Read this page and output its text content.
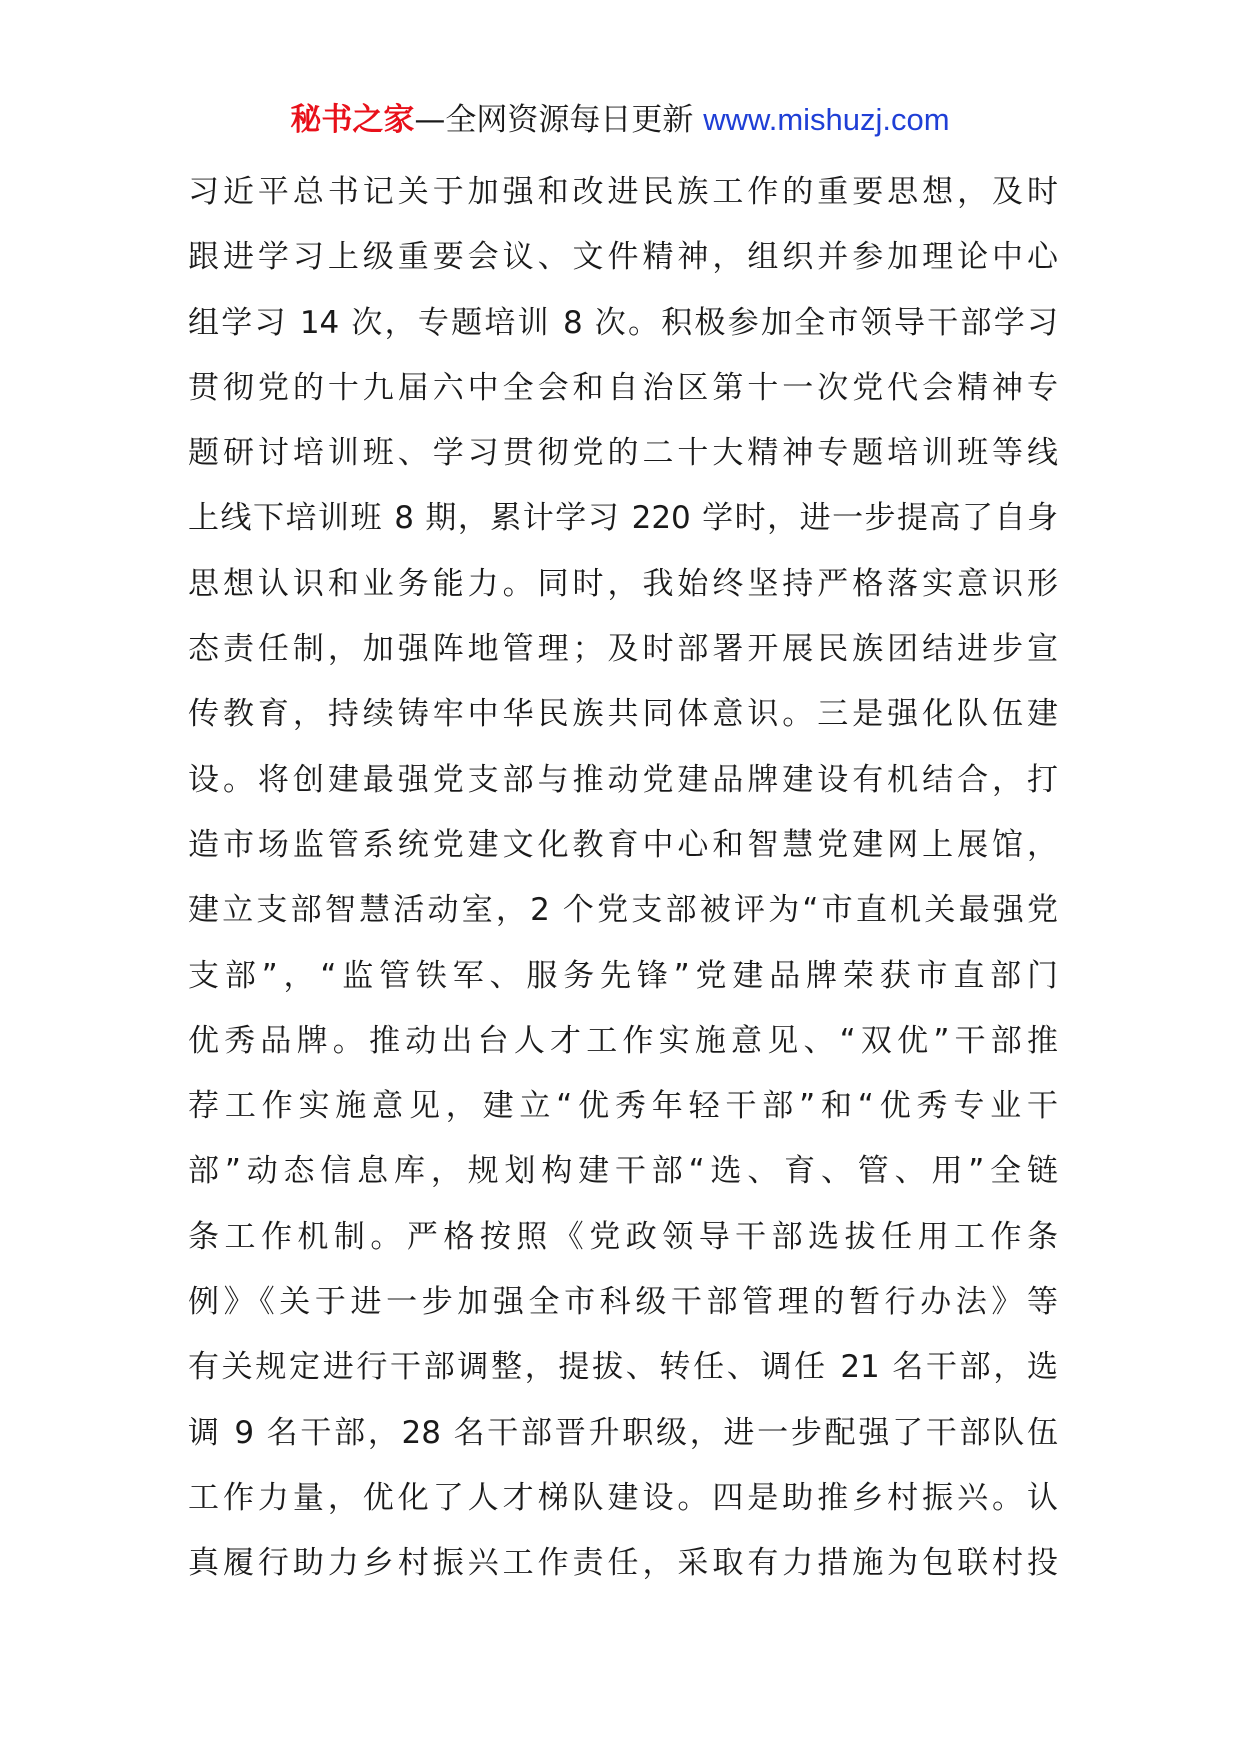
秘书之家—全网资源每日更新 www.mishuzj.com
习近平总书记关于加强和改进民族工作的重要思想，及时
跟进学习上级重要会议、文件精神，组织并参加理论中心
组学习 14 次，专题培训 8 次。积极参加全市领导干部学习
贯彻党的十九届六中全会和自治区第十一次党代会精神专
题研讨培训班、学习贯彻党的二十大精神专题培训班等线
上线下培训班 8 期，累计学习 220 学时，进一步提高了自身
思想认识和业务能力。同时，我始终坚持严格落实意识形
态责任制，加强阵地管理；及时部署开展民族团结进步宣
传教育，持续铸牢中华民族共同体意识。三是强化队伍建
设。将创建最强党支部与推动党建品牌建设有机结合，打
造市场监管系统党建文化教育中心和智慧党建网上展馆，
建立支部智慧活动室，2 个党支部被评为“市直机关最强党
支部”，“监管铁军、服务先锋”党建品牌荣获市直部门
优秀品牌。推动出台人才工作实施意见、“双优”干部推
荐工作实施意见，建立“优秀年轻干部”和“优秀专业干
部”动态信息库，规划构建干部“选、育、管、用”全链
条工作机制。严格按照《党政领导干部选拔任用工作条
例》《关于进一步加强全市科级干部管理的暂行办法》等
有关规定进行干部调整，提拔、转任、调任 21 名干部，选
调 9 名干部，28 名干部晋升职级，进一步配强了干部队伍
工作力量，优化了人才梯队建设。四是助推乡村振兴。认
真履行助力乡村振兴工作责任，采取有力措施为包联村投
